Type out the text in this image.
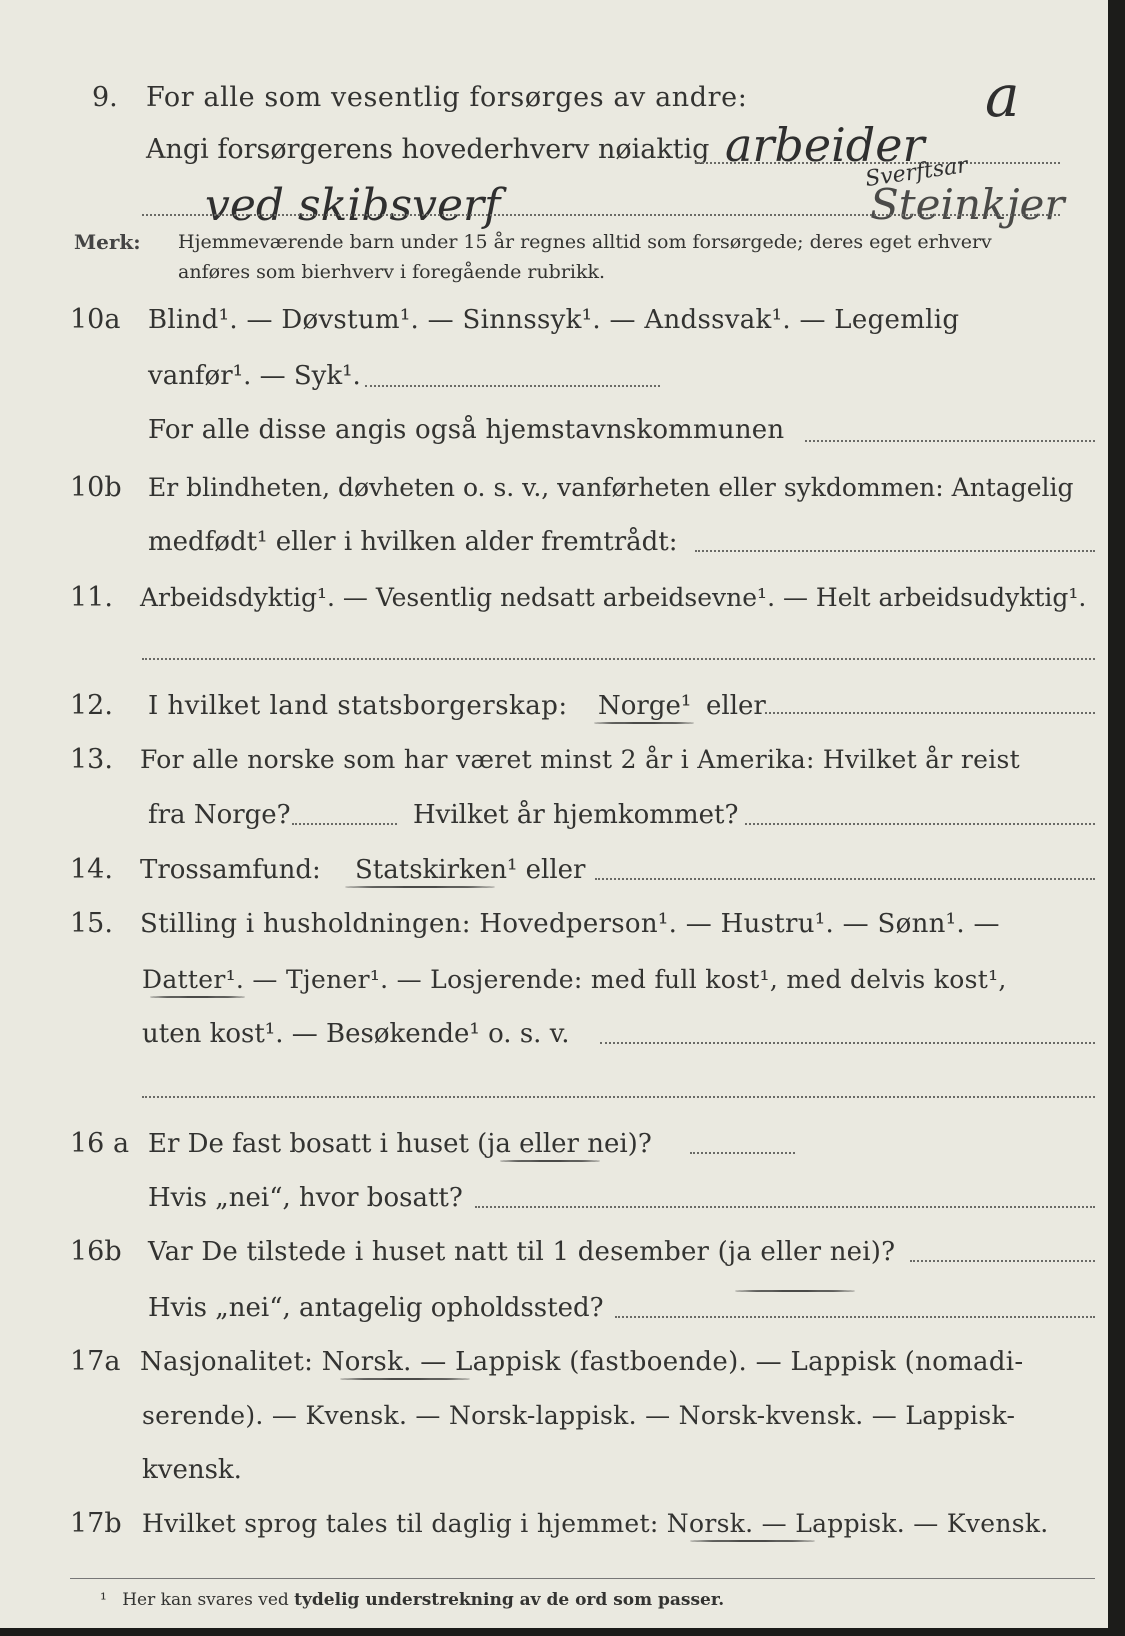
9. For alle som vesentlig forsørges av andre:	a
Angi forsørgerens hovederhverv nøiaktig arbeider
Sverftsar
ved skibsverf	Steinkjer
Merk: Hjemmeværende barn under 15 år regnes alltid som forsørgede; deres eget erhverv
anføres som bierhverv i foregående rubrikk.
10a Blind¹. — Døvstum¹. — Sinnssyk¹. — Andssvak¹. — Legemlig
vanfør¹. — Syk¹.
For alle disse angis også hjemstavnskommunen
10b Er blindheten, døvheten o. s. v., vanførheten eller sykdommen: Antagelig
medfødt¹ eller i hvilken alder fremtrådt:
11. Arbeidsdyktig¹. — Vesentlig nedsatt arbeidsevne¹. — Helt arbeidsudyktig¹.
12. I hvilket land statsborgerskap: Norge¹ eller
13. For alle norske som har været minst 2 år i Amerika: Hvilket år reist
fra Norge?	Hvilket år hjemkommet?
14. Trossamfund: Statskirken¹ eller
15. Stilling i husholdningen: Hovedperson¹. — Hustru¹. — Sønn¹. —
Datter¹. — Tjener¹. — Losjerende: med full kost¹, med delvis kost¹,
uten kost¹. — Besøkende¹ o. s. v.
16 a Er De fast bosatt i huset (ja eller nei)?
Hvis „nei“, hvor bosatt?
16b Var De tilstede i huset natt til 1 desember (ja eller nei)?
Hvis „nei“, antagelig opholdssted?
17a Nasjonalitet: Norsk. — Lappisk (fastboende). — Lappisk (nomadi-
serende). — Kvensk. — Norsk-lappisk. — Norsk-kvensk. — Lappisk-
kvensk.
17b Hvilket sprog tales til daglig i hjemmet: Norsk. — Lappisk. — Kvensk.
¹ Her kan svares ved tydelig understrekning av de ord som passer.
